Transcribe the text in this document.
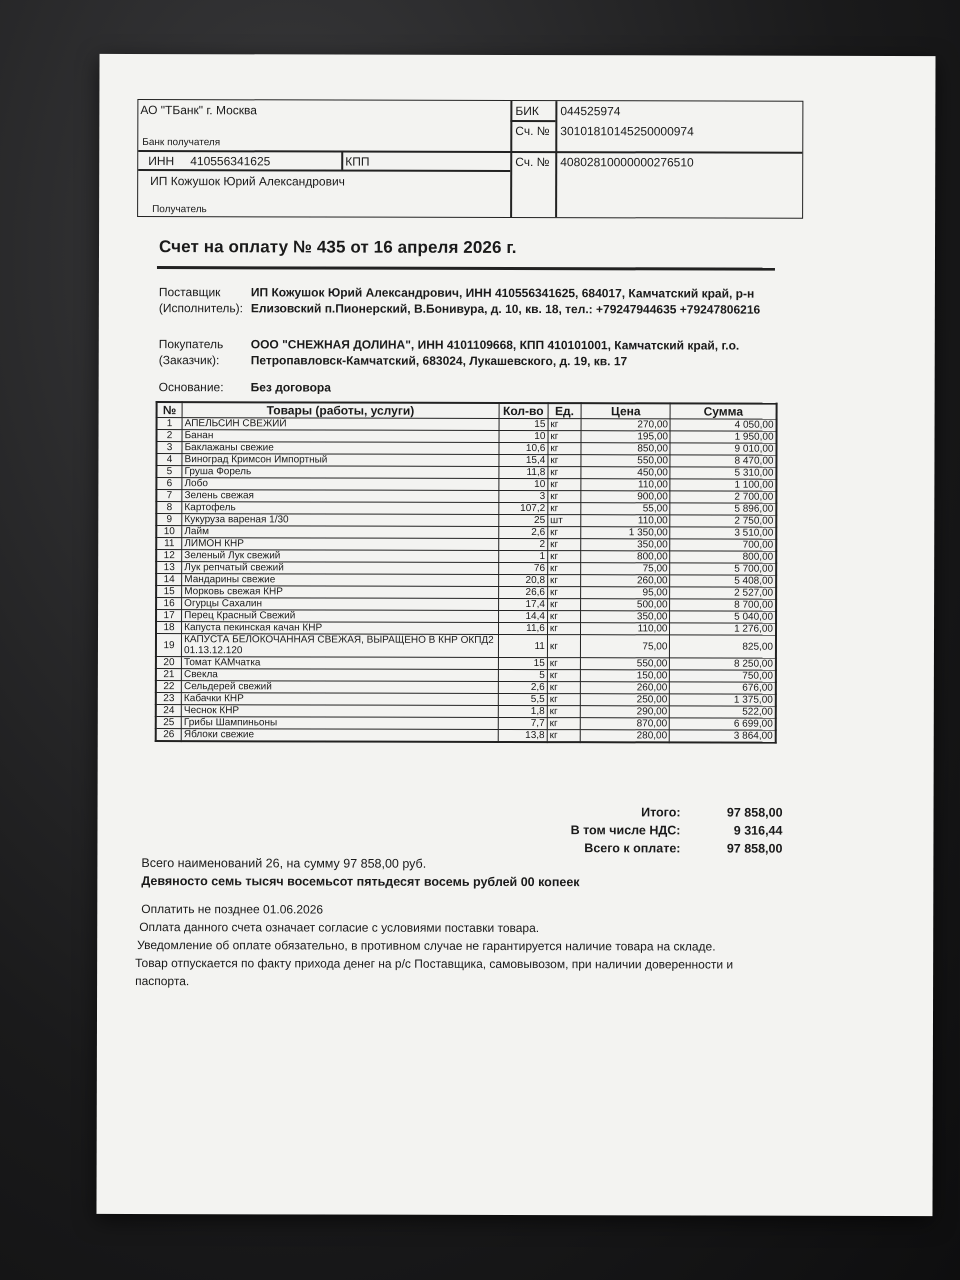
АО "ТБанк" г. Москва
Банк получателя
БИК 044525974
Сч. № 30101810145250000974
ИНН 410556341625	КПП	Сч. № 40802810000000276510
ИП Кожушок Юрий Александрович
Получатель
Счет на оплату № 435 от 16 апреля 2026 г.
Поставщик (Исполнитель):
ИП Кожушок Юрий Александрович, ИНН 410556341625, 684017, Камчатский край, р-н Елизовский п.Пионерский, В.Бонивура, д. 10, кв. 18, тел.: +79247944635 +79247806216
Покупатель (Заказчик):
ООО "СНЕЖНАЯ ДОЛИНА", ИНН 4101109668, КПП 410101001, Камчатский край, г.о. Петропавловск-Камчатский, 683024, Лукашевского, д. 19, кв. 17
Основание:	Без договора
№	Товары (работы, услуги)	Кол-во	Ед.	Цена	Сумма
1	АПЕЛЬСИН СВЕЖИЙ	15	кг	270,00	4 050,00
2	Банан	10	кг	195,00	1 950,00
3	Баклажаны свежие	10,6	кг	850,00	9 010,00
4	Виноград Кримсон Импортный	15,4	кг	550,00	8 470,00
5	Груша Форель	11,8	кг	450,00	5 310,00
6	Лобо	10	кг	110,00	1 100,00
7	Зелень свежая	3	кг	900,00	2 700,00
8	Картофель	107,2	кг	55,00	5 896,00
9	Кукуруза вареная 1/30	25	шт	110,00	2 750,00
10	Лайм	2,6	кг	1 350,00	3 510,00
11	ЛИМОН КНР	2	кг	350,00	700,00
12	Зеленый Лук свежий	1	кг	800,00	800,00
13	Лук репчатый свежий	76	кг	75,00	5 700,00
14	Мандарины свежие	20,8	кг	260,00	5 408,00
15	Морковь свежая КНР	26,6	кг	95,00	2 527,00
16	Огурцы Сахалин	17,4	кг	500,00	8 700,00
17	Перец Красный Свежий	14,4	кг	350,00	5 040,00
18	Капуста пекинская качан КНР	11,6	кг	110,00	1 276,00
19	КАПУСТА БЕЛОКОЧАННАЯ СВЕЖАЯ, ВЫРАЩЕНО В КНР ОКПД2 01.13.12.120	11	кг	75,00	825,00
20	Томат КАМчатка	15	кг	550,00	8 250,00
21	Свекла	5	кг	150,00	750,00
22	Сельдерей свежий	2,6	кг	260,00	676,00
23	Кабачки КНР	5,5	кг	250,00	1 375,00
24	Чеснок КНР	1,8	кг	290,00	522,00
25	Грибы Шампиньоны	7,7	кг	870,00	6 699,00
26	Яблоки свежие	13,8	кг	280,00	3 864,00
Итого:	97 858,00
В том числе НДС:	9 316,44
Всего к оплате:	97 858,00
Всего наименований 26, на сумму 97 858,00 руб.
Девяносто семь тысяч восемьсот пятьдесят восемь рублей 00 копеек
Оплатить не позднее 01.06.2026
Оплата данного счета означает согласие с условиями поставки товара.
Уведомление об оплате обязательно, в противном случае не гарантируется наличие товара на складе.
Товар отпускается по факту прихода денег на р/с Поставщика, самовывозом, при наличии доверенности и паспорта.
